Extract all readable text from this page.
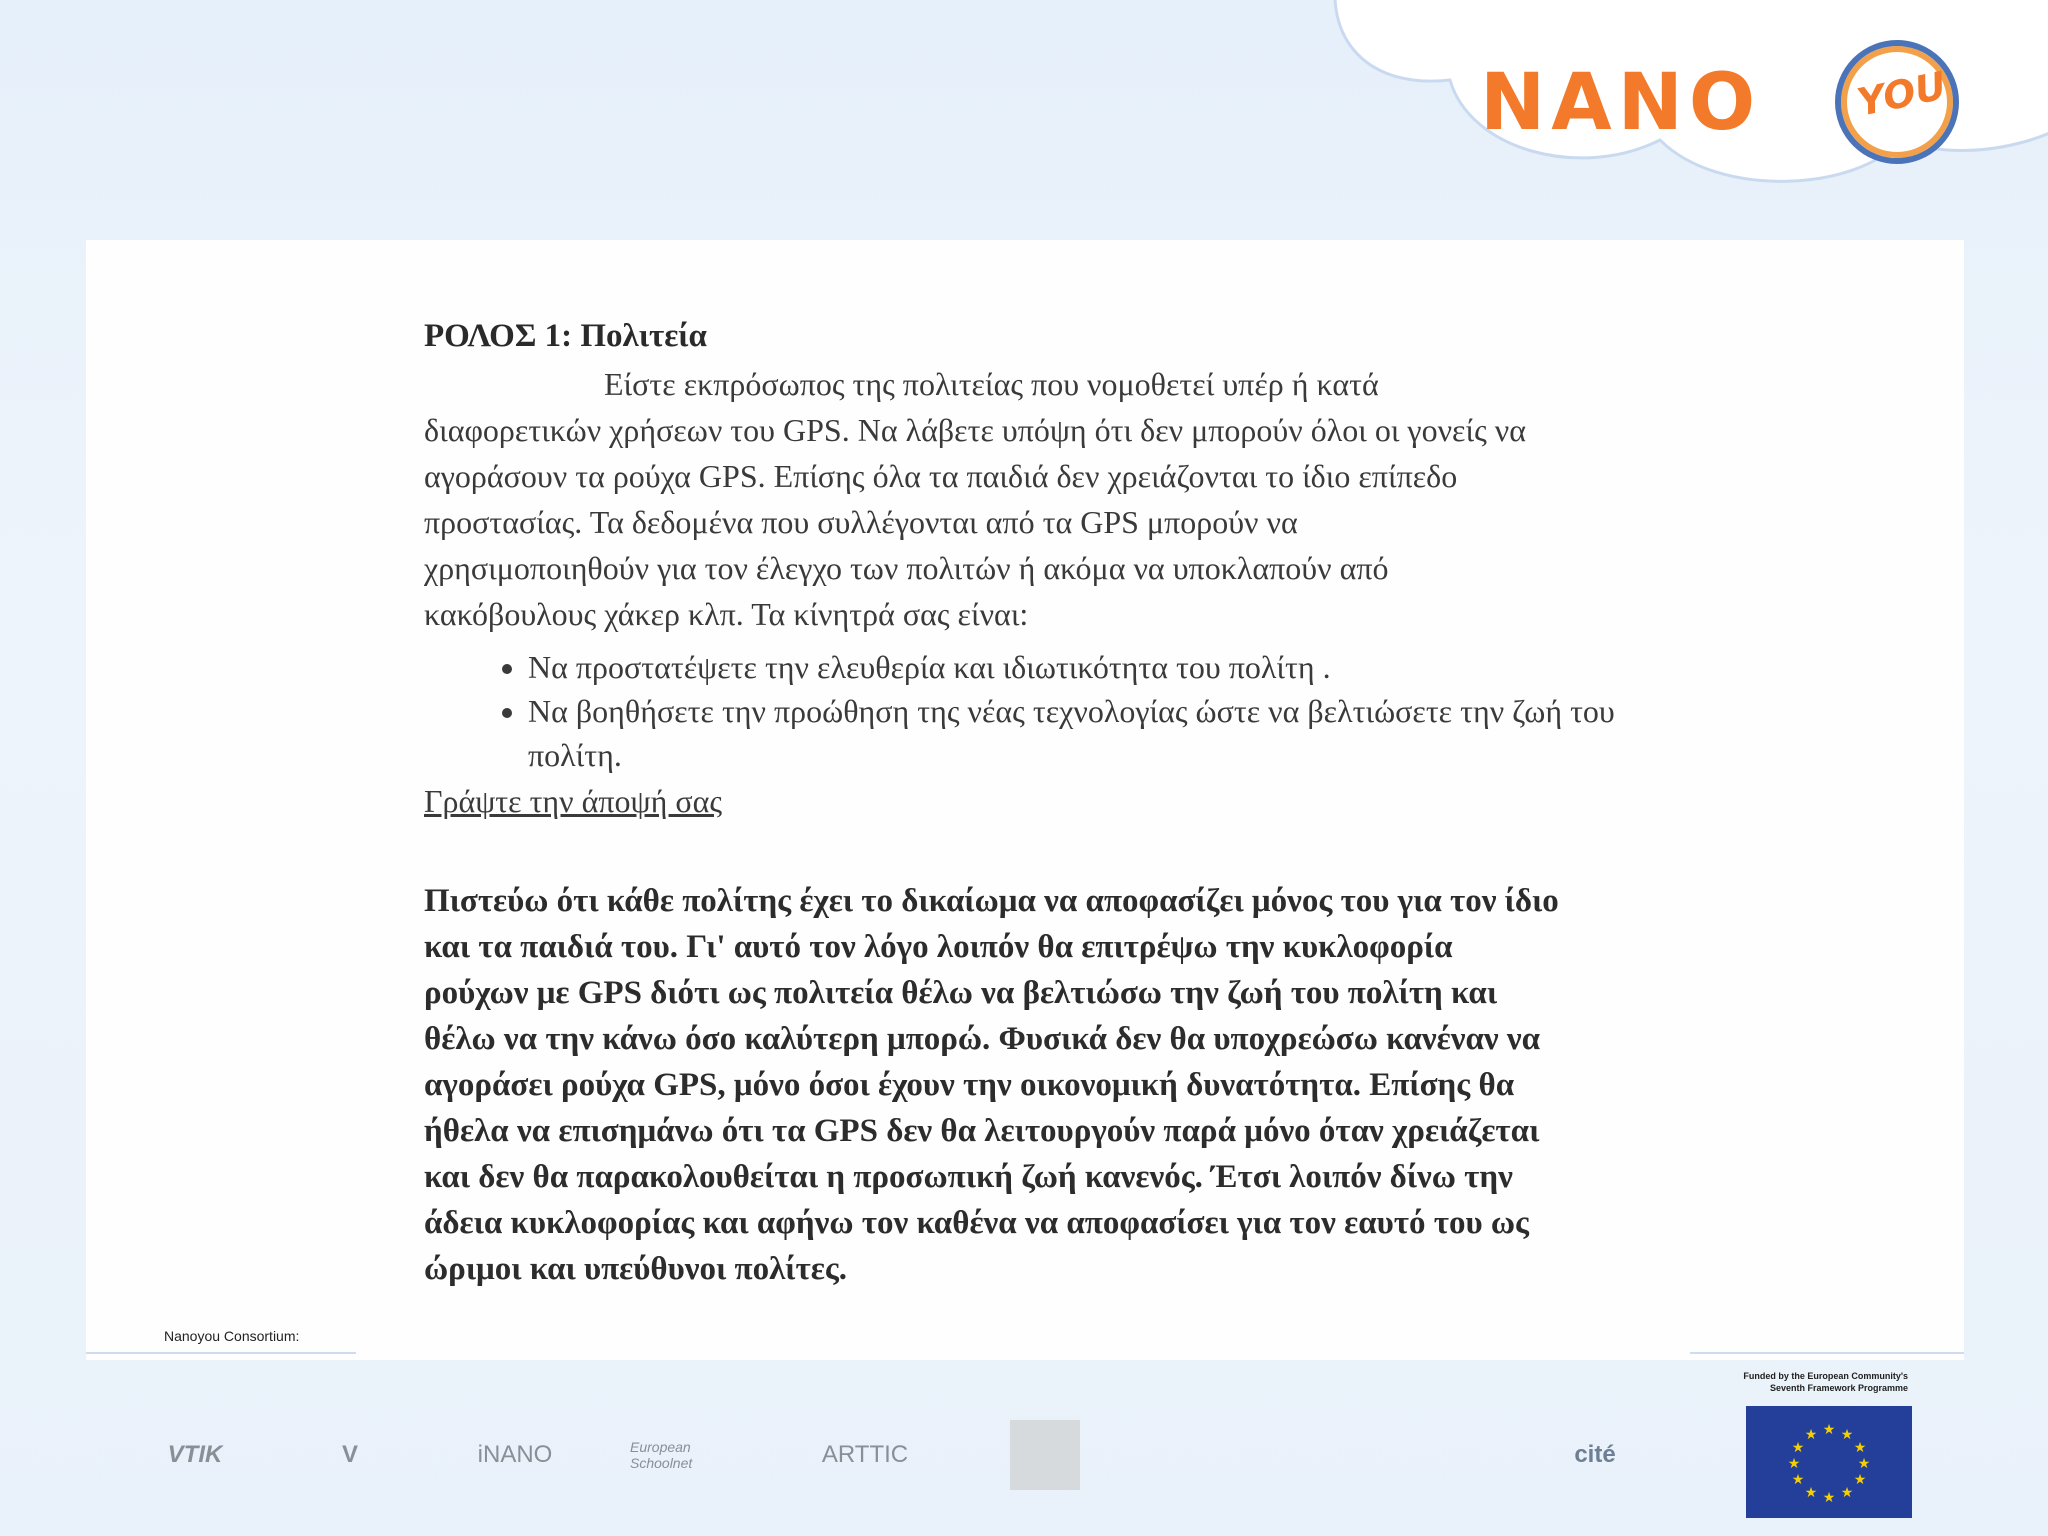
NANO YOU
ΡΟΛΟΣ 1: Πολιτεία

Είστε εκπρόσωπος της πολιτείας που νομοθετεί υπέρ ή κατά
διαφορετικών χρήσεων του GPS. Να λάβετε υπόψη ότι δεν μπορούν όλοι οι γονείς να
αγοράσουν τα ρούχα GPS. Επίσης όλα τα παιδιά δεν χρειάζονται το ίδιο επίπεδο
προστασίας. Τα δεδομένα που συλλέγονται από τα GPS μπορούν να
χρησιμοποιηθούν για τον έλεγχο των πολιτών ή ακόμα να υποκλαπούν από
κακόβουλους χάκερ κλπ. Τα κίνητρά σας είναι:

• Να προστατέψετε την ελευθερία και ιδιωτικότητα του πολίτη .
• Να βοηθήσετε την προώθηση της νέας τεχνολογίας ώστε να βελτιώσετε την ζωή του πολίτη.
Γράψτε την άποψή σας
Πιστεύω ότι κάθε πολίτης έχει το δικαίωμα να αποφασίζει μόνος του για τον ίδιο
και τα παιδιά του. Γι' αυτό τον λόγο λοιπόν θα επιτρέψω την κυκλοφορία
ρούχων με GPS διότι ως πολιτεία θέλω να βελτιώσω την ζωή του πολίτη και
θέλω να την κάνω όσο καλύτερη μπορώ. Φυσικά δεν θα υποχρεώσω κανέναν να
αγοράσει ρούχα GPS, μόνο όσοι έχουν την οικονομική δυνατότητα. Επίσης θα
ήθελα να επισημάνω ότι τα GPS δεν θα λειτουργούν παρά μόνο όταν χρειάζεται
και δεν θα παρακολουθείται η προσωπική ζωή κανενός. Έτσι λοιπόν δίνω την
άδεια κυκλοφορίας και αφήνω τον καθένα να αποφασίσει για τον εαυτό του ως
ώριμοι και υπεύθυνοι πολίτες.
Nanoyou Consortium:
VTIK	V	iNANO	European Schoolnet	ARTTIC	cité
Funded by the European Community's
Seventh Framework Programme
★ ★
★
★
★
★
★
★
★
★
★
★
